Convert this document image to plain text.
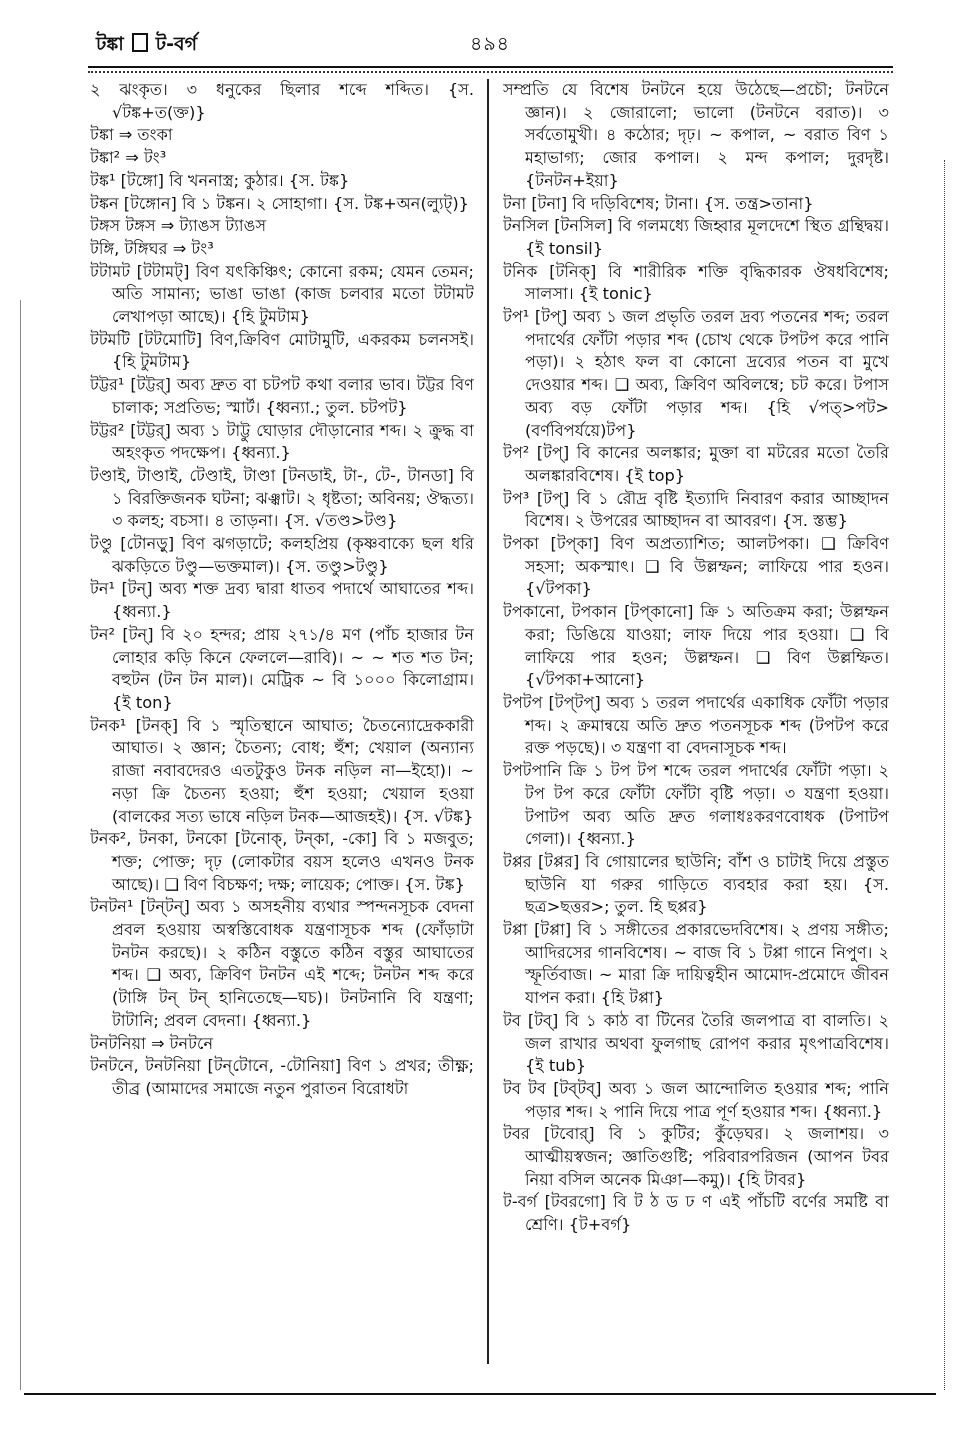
টঙ্কা ট-বর্গ	৪৯৪

২ ঝংকৃত। ৩ ধনুকের ছিলার শব্দে শব্দিত। {স. √টঙ্ক+ত(ক্ত)}

টঙ্কা ⇒ তংকা

টঙ্কা² ⇒ টং³

টঙ্ক¹ [টঙ্গো] বি খননাস্ত্র; কুঠার। {স. টঙ্ক}

টঙ্কন [টঙ্গোন] বি ১ টঙ্কন। ২ সোহাগা। {স. টঙ্ক+অন(ল্যুট্)}

টঙ্গস টঙ্গস ⇒ ট্যাঙস ট্যাঙস

টঙ্গি, টঙ্গিঘর ⇒ টং³

টটামট [টটামট্] বিণ যৎকিঞ্চিৎ; কোনো রকম; যেমন তেমন; অতি সামান্য; ভাঙা ভাঙা (কাজ চলবার মতো টটামট লেখাপড়া আছে)। {হি টুমটাম}

টটমটি [টটমোটি] বিণ,ক্রিবিণ মোটামুটি, একরকম চলনসই। {হি টুমটাম}

টট্টর¹ [টট্টর্] অব্য দ্রুত বা চটপট কথা বলার ভাব। টট্টর বিণ চালাক; সপ্রতিভ; স্মার্ট। {ধ্বন্যা.; তুল. চটপট}

টট্টর² [টট্টর্] অব্য ১ টাট্টু ঘোড়ার দৌড়ানোর শব্দ। ২ ক্রুদ্ধ বা অহংকৃত পদক্ষেপ। {ধ্বন্যা.}

টণ্ডাই, টাণ্ডাই, টেণ্ডাই, টাণ্ডা [টনডাই, টা-, টে-, টানডা] বি ১ বিরক্তিজনক ঘটনা; ঝঞ্ঝাট। ২ ধৃষ্টতা; অবিনয়; ঔদ্ধত্য। ৩ কলহ; বচসা। ৪ তাড়না। {স. √তণ্ড>টণ্ড}

টণ্ডু [টোনড়ু] বিণ ঝগড়াটে; কলহপ্রিয় (কৃষ্ণবাক্যে ছল ধরি ঝকড়িতে টণ্ডু—ভক্তমাল)। {স. তণ্ডু>টণ্ডু}

টন¹ [টন্] অব্য শক্ত দ্রব্য দ্বারা ধাতব পদার্থে আঘাতের শব্দ। {ধ্বন্যা.}

টন² [টন্] বি ২০ হন্দর; প্রায় ২৭১/৪ মণ (পাঁচ হাজার টন লোহার কড়ি কিনে ফেললে—রাবি)। ~ ~ শত শত টন; বহুটন (টন টন মাল)। মেট্রিক ~ বি ১০০০ কিলোগ্রাম। {ই ton}

টনক¹ [টনক্] বি ১ স্মৃতিস্থানে আঘাত; চৈতন্যোদ্রেককারী আঘাত। ২ জ্ঞান; চৈতন্য; বোধ; হুঁশ; খেয়াল (অন্যান্য রাজা নবাবদেরও এতটুকুও টনক নড়িল না—ইহো)। ~ নড়া ক্রি চৈতন্য হওয়া; হুঁশ হওয়া; খেয়াল হওয়া (বালকের সত্য ভাষে নড়িল টনক—আজহই)। {স. √টঙ্ক}

টনক², টনকা, টনকো [টনোক্, টন্‌কা, -কো] বি ১ মজবুত; শক্ত; পোক্ত; দৃঢ় (লোকটার বয়স হলেও এখনও টনক আছে)। ❑ বিণ বিচক্ষণ; দক্ষ; লায়েক; পোক্ত। {স. টঙ্ক}

টনটন¹ [টন্‌টন্] অব্য ১ অসহনীয় ব্যথার স্পন্দনসূচক বেদনা প্রবল হওয়ায় অস্বস্তিবোধক যন্ত্রণাসূচক শব্দ (ফোঁড়াটা টনটন করছে)। ২ কঠিন বস্তুতে কঠিন বস্তুর আঘাতের শব্দ। ❑ অব্য, ক্রিবিণ টনটন এই শব্দে; টনটন শব্দ করে (টাঙ্গি টন্ টন্ হানিতেছে—ঘচ)। টনটনানি বি যন্ত্রণা; টাটানি; প্রবল বেদনা। {ধ্বন্যা.}

টনটনিয়া ⇒ টনটনে

টনটনে, টনটনিয়া [টন্‌টোনে, -টোনিয়া] বিণ ১ প্রখর; তীক্ষ্ণ; তীব্র (আমাদের সমাজে নতুন পুরাতন বিরোধটা

সম্প্রতি যে বিশেষ টনটনে হয়ে উঠেছে—প্রচৌ; টনটনে জ্ঞান)। ২ জোরালো; ভালো (টনটনে বরাত)। ৩ সর্বতোমুখী। ৪ কঠোর; দৃঢ়। ~ কপাল, ~ বরাত বিণ ১ মহাভাগ্য; জোর কপাল। ২ মন্দ কপাল; দুরদৃষ্ট। {টনটন+ইয়া}

টনা [টনা] বি দড়িবিশেষ; টানা। {স. তন্ত্র>তানা}

টনসিল [টনসিল] বি গলমধ্যে জিহ্বার মূলদেশে স্থিত গ্রন্থিদ্বয়। {ই tonsil}

টনিক [টনিক্] বি শারীরিক শক্তি বৃদ্ধিকারক ঔষধবিশেষ; সালসা। {ই tonic}

টপ¹ [টপ্] অব্য ১ জল প্রভৃতি তরল দ্রব্য পতনের শব্দ; তরল পদার্থের ফোঁটা পড়ার শব্দ (চোখ থেকে টপটপ করে পানি পড়া)। ২ হঠাৎ ফল বা কোনো দ্রব্যের পতন বা মুখে দেওয়ার শব্দ। ❑ অব্য, ক্রিবিণ অবিলম্বে; চট করে। টপাস অব্য বড় ফোঁটা পড়ার শব্দ। {হি √পত্>পট>(বর্ণবিপর্যয়ে)টপ}

টপ² [টপ্] বি কানের অলঙ্কার; মুক্তা বা মটরের মতো তৈরি অলঙ্কারবিশেষ। {ই top}

টপ³ [টপ্] বি ১ রৌদ্র বৃষ্টি ইত্যাদি নিবারণ করার আচ্ছাদন বিশেষ। ২ উপরের আচ্ছাদন বা আবরণ। {স. স্তম্ভ}

টপকা [টপ্‌কা] বিণ অপ্রত্যাশিত; আলটপকা। ❑ ক্রিবিণ সহসা; অকস্মাৎ। ❑ বি উল্লম্ফন; লাফিয়ে পার হওন। {√টপকা}

টপকানো, টপকান [টপ্‌কানো] ক্রি ১ অতিক্রম করা; উল্লম্ফন করা; ডিঙিয়ে যাওয়া; লাফ দিয়ে পার হওয়া। ❑ বি লাফিয়ে পার হওন; উল্লম্ফন। ❑ বিণ উল্লম্ফিত। {√টপকা+আনো}

টপটপ [টপ্‌টপ্] অব্য ১ তরল পদার্থের একাধিক ফোঁটা পড়ার শব্দ। ২ ক্রমান্বয়ে অতি দ্রুত পতনসূচক শব্দ (টপটপ করে রক্ত পড়ছে)। ৩ যন্ত্রণা বা বেদনাসূচক শব্দ।

টপটপানি ক্রি ১ টপ টপ শব্দে তরল পদার্থের ফোঁটা পড়া। ২ টপ টপ করে ফোঁটা ফোঁটা বৃষ্টি পড়া। ৩ যন্ত্রণা হওয়া। টপাটপ অব্য অতি দ্রুত গলাধঃকরণবোধক (টপাটপ গেলা)। {ধ্বন্যা.}

টপ্পর [টপ্পর] বি গোয়ালের ছাউনি; বাঁশ ও চাটাই দিয়ে প্রস্তুত ছাউনি যা গরুর গাড়িতে ব্যবহার করা হয়। {স. ছত্র>ছত্তর>; তুল. হি ছপ্পর}

টপ্পা [টপ্পা] বি ১ সঙ্গীতের প্রকারভেদবিশেষ। ২ প্রণয় সঙ্গীত; আদিরসের গানবিশেষ। ~ বাজ বি ১ টপ্পা গানে নিপুণ। ২ স্ফূর্তিবাজ। ~ মারা ক্রি দায়িত্বহীন আমোদ-প্রমোদে জীবন যাপন করা। {হি টপ্পা}

টব [টব্] বি ১ কাঠ বা টিনের তৈরি জলপাত্র বা বালতি। ২ জল রাখার অথবা ফুলগাছ রোপণ করার মৃৎপাত্রবিশেষ। {ই tub}

টব টব [টব্‌টব্] অব্য ১ জল আন্দোলিত হওয়ার শব্দ; পানি পড়ার শব্দ। ২ পানি দিয়ে পাত্র পূর্ণ হওয়ার শব্দ। {ধ্বন্যা.}

টবর [টবোর্] বি ১ কুটির; কুঁড়েঘর। ২ জলাশয়। ৩ আত্মীয়স্বজন; জ্ঞাতিগুষ্টি; পরিবারপরিজন (আপন টবর নিয়া বসিল অনেক মিঞা—কমু)। {হি টাবর}

ট-বর্গ [টবরগো] বি ট ঠ ড ঢ ণ এই পাঁচটি বর্ণের সমষ্টি বা শ্রেণি। {ট+বর্গ}
